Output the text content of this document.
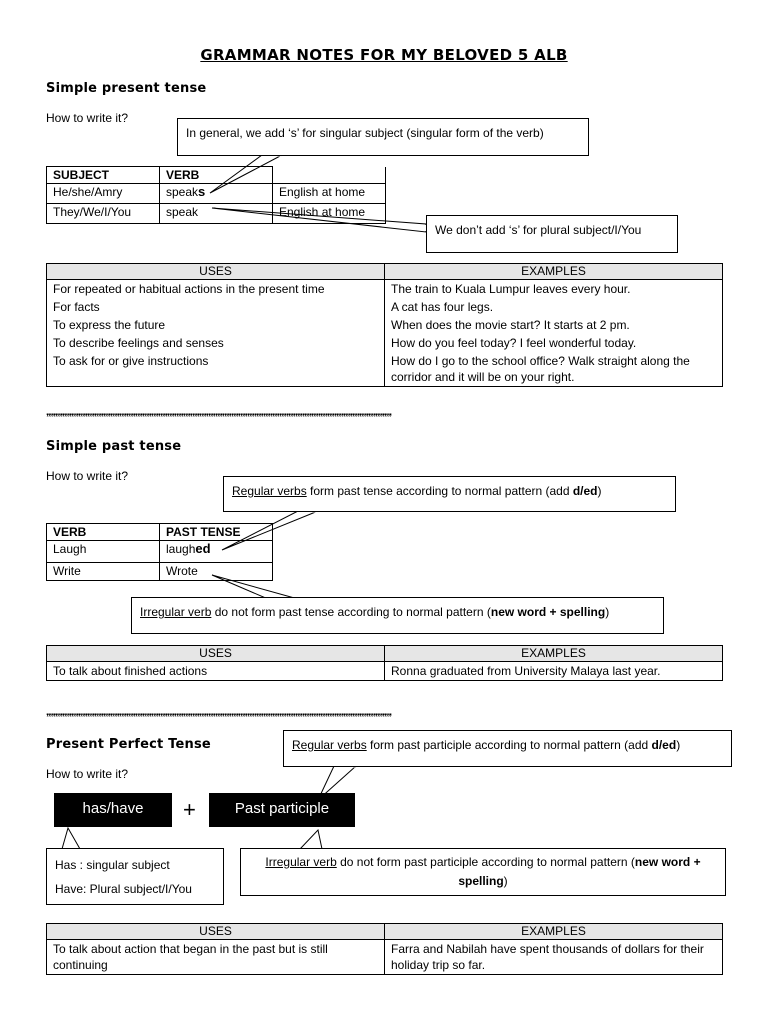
GRAMMAR NOTES FOR MY BELOVED 5 ALB
Simple present tense
How to write it?
In general, we add ‘s’ for singular subject (singular form of the verb)
SUBJECT	VERB	
He/she/Amry	speaks	English at home
They/We/I/You	speak	English at home
We don’t add ‘s’ for plural subject/I/You
USES	EXAMPLES
For repeated or habitual actions in the present time	The train to Kuala Lumpur leaves every hour.
For facts	A cat has four legs.
To express the future	When does the movie start? It starts at 2 pm.
To describe feelings and senses	How do you feel today? I feel wonderful today.
To ask for or give instructions	How do I go to the school office? Walk straight along the corridor and it will be on your right.
,,,,,,,,,,,,,,,,,,,,,,,,,,,,,,,,,,,,,,,,,,,,,,,,,,,,,,,,,,,,,,,,,,,,,,,,,,,,,,,,,,,,,,,,,,,,,,,,,,,,,,,,,,,,,,,,,,,,,,,,,,,,,,,,,,,,,,,,,,,,,,,,,,,,,,,,,,,,,,,,,,,,,,,,,,,,,,,,,,,,,,,,,,,,,,,,,,
Simple past tense
How to write it?
Regular verbs form past tense according to normal pattern (add d/ed)
VERB	PAST TENSE
Laugh	laughed
Write	Wrote
Irregular verb do not form past tense according to normal pattern (new word + spelling)
USES	EXAMPLES
To talk about finished actions	Ronna graduated from University Malaya last year.
,,,,,,,,,,,,,,,,,,,,,,,,,,,,,,,,,,,,,,,,,,,,,,,,,,,,,,,,,,,,,,,,,,,,,,,,,,,,,,,,,,,,,,,,,,,,,,,,,,,,,,,,,,,,,,,,,,,,,,,,,,,,,,,,,,,,,,,,,,,,,,,,,,,,,,,,,,,,,,,,,,,,,,,,,,,,,,,,,,,,,,,,,,,,,,,,,,
Present Perfect Tense
How to write it?
Regular verbs form past participle according to normal pattern (add d/ed)
has/have	+	Past participle
Has : singular subject
Have: Plural subject/I/You
Irregular verb do not form past participle according to normal pattern (new word + spelling)
USES	EXAMPLES
To talk about action that began in the past but is still continuing	Farra and Nabilah have spent thousands of dollars for their holiday trip so far.
